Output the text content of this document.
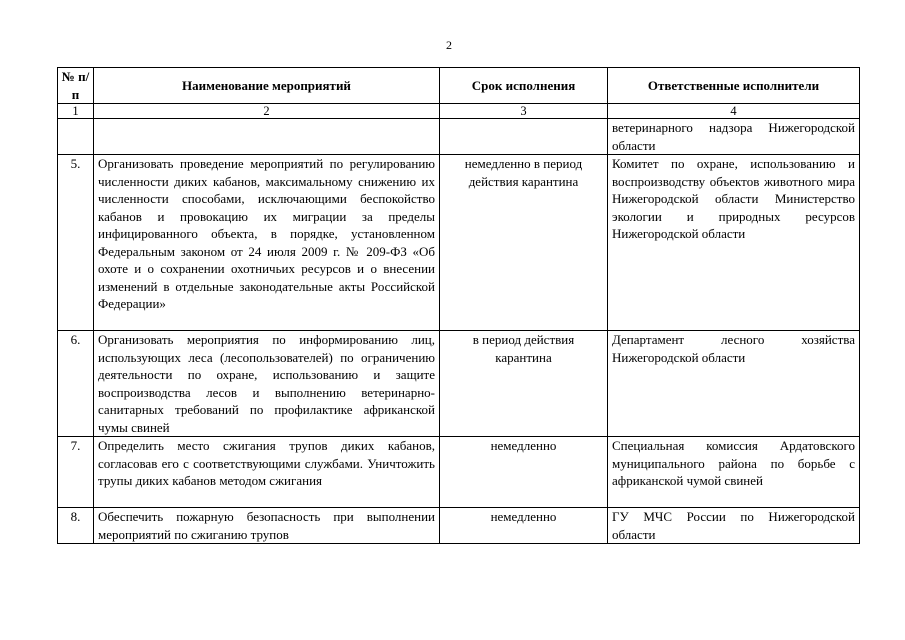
2
№ п/п	Наименование мероприятий	Срок исполнения	Ответственные исполнители
1	2	3	4
			ветеринарного надзора Нижегородской области
5.	Организовать проведение мероприятий по регулированию численности диких кабанов, максимальному снижению их численности способами, исключающими беспокойство кабанов и провокацию их миграции за пределы инфицированного объекта, в порядке, установленном Федеральным законом от 24 июля 2009 г. № 209-ФЗ «Об охоте и о сохранении охотничьих ресурсов и о внесении изменений в отдельные законодательные акты Российской Федерации»	немедленно в период действия карантина	Комитет по охране, использованию и воспроизводству объектов животного мира Нижегородской области Министерство экологии и природных ресурсов Нижегородской области
6.	Организовать мероприятия по информированию лиц, использующих леса (лесопользователей) по ограничению деятельности по охране, использованию и защите воспроизводства лесов и выполнению ветеринарно-санитарных требований по профилактике африканской чумы свиней	в период действия карантина	Департамент лесного хозяйства Нижегородской области
7.	Определить место сжигания трупов диких кабанов, согласовав его с соответствующими службами. Уничтожить трупы диких кабанов методом сжигания	немедленно	Специальная комиссия Ардатовского муниципального района по борьбе с африканской чумой свиней
8.	Обеспечить пожарную безопасность при выполнении мероприятий по сжиганию трупов	немедленно	ГУ МЧС России по Нижегородской области
